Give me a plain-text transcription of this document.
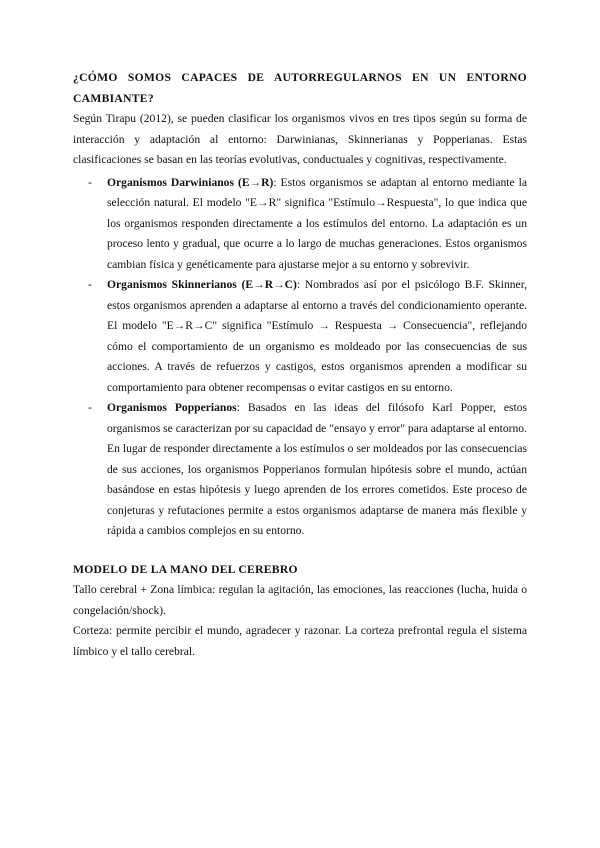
¿CÓMO SOMOS CAPACES DE AUTORREGULARNOS EN UN ENTORNO CAMBIANTE?

Según Tirapu (2012), se pueden clasificar los organismos vivos en tres tipos según su forma de interacción y adaptación al entorno: Darwinianas, Skinnerianas y Popperianas. Estas clasificaciones se basan en las teorías evolutivas, conductuales y cognitivas, respectivamente.

- Organismos Darwinianos (E→R): Estos organismos se adaptan al entorno mediante la selección natural. El modelo "E→R" significa "Estímulo→Respuesta", lo que indica que los organismos responden directamente a los estímulos del entorno. La adaptación es un proceso lento y gradual, que ocurre a lo largo de muchas generaciones. Estos organismos cambian física y genéticamente para ajustarse mejor a su entorno y sobrevivir.
- Organismos Skinnerianos (E→R→C): Nombrados así por el psicólogo B.F. Skinner, estos organismos aprenden a adaptarse al entorno a través del condicionamiento operante. El modelo "E→R→C" significa "Estímulo → Respuesta → Consecuencia", reflejando cómo el comportamiento de un organismo es moldeado por las consecuencias de sus acciones. A través de refuerzos y castigos, estos organismos aprenden a modificar su comportamiento para obtener recompensas o evitar castigos en su entorno.
- Organismos Popperianos: Basados en las ideas del filósofo Karl Popper, estos organismos se caracterizan por su capacidad de "ensayo y error" para adaptarse al entorno. En lugar de responder directamente a los estímulos o ser moldeados por las consecuencias de sus acciones, los organismos Popperianos formulan hipótesis sobre el mundo, actúan basándose en estas hipótesis y luego aprenden de los errores cometidos. Este proceso de conjeturas y refutaciones permite a estos organismos adaptarse de manera más flexible y rápida a cambios complejos en su entorno.
MODELO DE LA MANO DEL CEREBRO

Tallo cerebral + Zona límbica: regulan la agitación, las emociones, las reacciones (lucha, huida o congelación/shock).

Corteza: permite percibir el mundo, agradecer y razonar. La corteza prefrontal regula el sistema límbico y el tallo cerebral.
